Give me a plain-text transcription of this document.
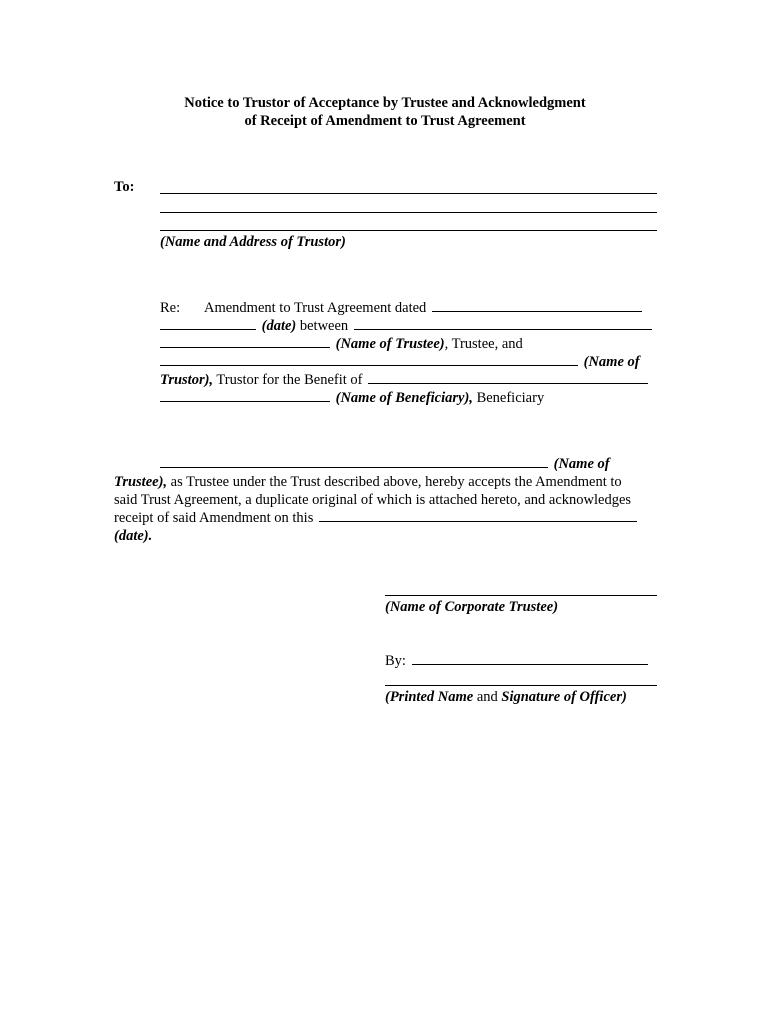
Notice to Trustor of Acceptance by Trustee and Acknowledgment
of Receipt of Amendment to Trust Agreement
To:
(Name and Address of Trustor)
Re: Amendment to Trust Agreement dated
(date) between
(Name of Trustee), Trustee, and
(Name of
Trustor), Trustor for the Benefit of
(Name of Beneficiary), Beneficiary
(Name of
Trustee), as Trustee under the Trust described above, hereby accepts the Amendment to
said Trust Agreement, a duplicate original of which is attached hereto, and acknowledges
receipt of said Amendment on this
(date).
(Name of Corporate Trustee)
By:
(Printed Name and Signature of Officer)
